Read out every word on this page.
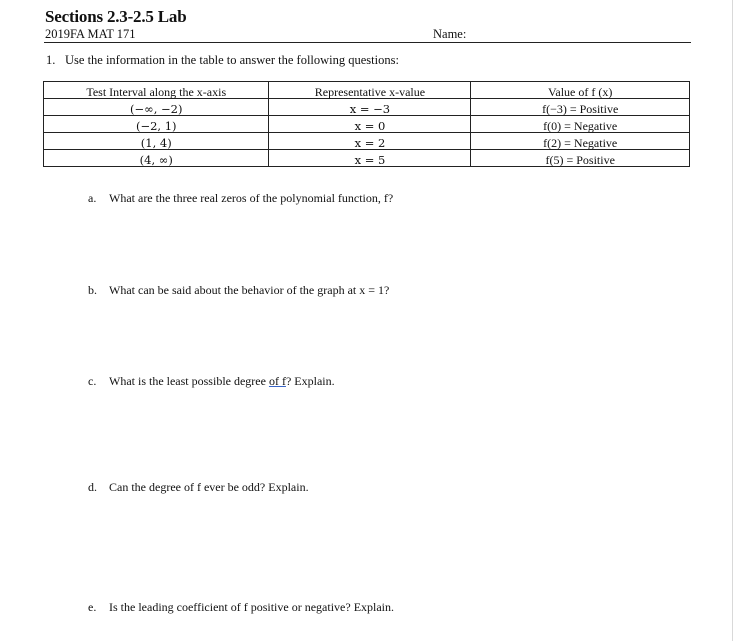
Sections 2.3-2.5 Lab
2019FA MAT 171	Name:
1. Use the information in the table to answer the following questions:
Test Interval along the x-axis	Representative x-value	Value of f (x)
(−∞, −2)	x = −3	f(−3) = Positive
(−2, 1)	x = 0	f(0) = Negative
(1, 4)	x = 2	f(2) = Negative
(4, ∞)	x = 5	f(5) = Positive
a. What are the three real zeros of the polynomial function, f?
b. What can be said about the behavior of the graph at x = 1?
c. What is the least possible degree of f? Explain.
d. Can the degree of f ever be odd? Explain.
e. Is the leading coefficient of f positive or negative? Explain.
